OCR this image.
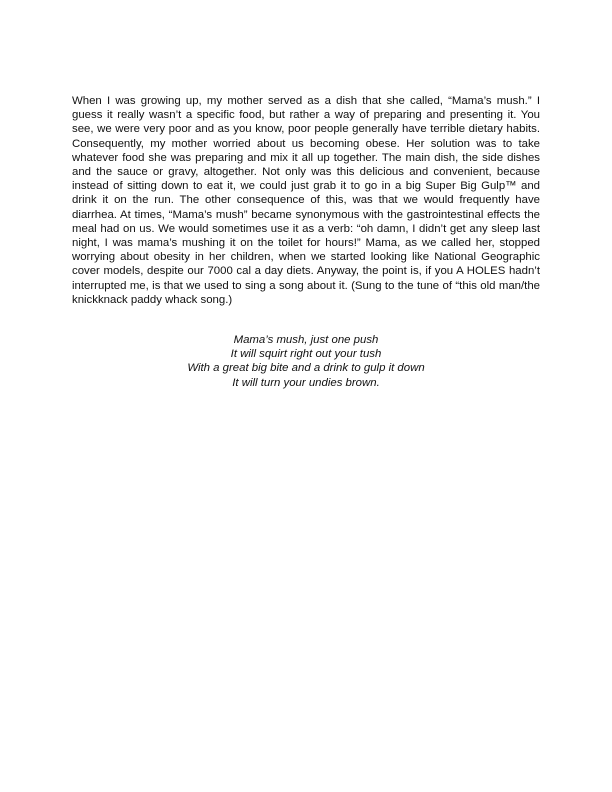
When I was growing up, my mother served as a dish that she called, “Mama’s mush.” I guess it really wasn’t a specific food, but rather a way of preparing and presenting it. You see, we were very poor and as you know, poor people generally have terrible dietary habits. Consequently, my mother worried about us becoming obese. Her solution was to take whatever food she was preparing and mix it all up together. The main dish, the side dishes and the sauce or gravy, altogether. Not only was this delicious and convenient, because instead of sitting down to eat it, we could just grab it to go in a big Super Big Gulp™ and drink it on the run. The other consequence of this, was that we would frequently have diarrhea. At times, “Mama’s mush” became synonymous with the gastrointestinal effects the meal had on us. We would sometimes use it as a verb: “oh damn, I didn’t get any sleep last night, I was mama’s mushing it on the toilet for hours!” Mama, as we called her, stopped worrying about obesity in her children, when we started looking like National Geographic cover models, despite our 7000 cal a day diets. Anyway, the point is, if you A HOLES hadn’t interrupted me, is that we used to sing a song about it. (Sung to the tune of “this old man/the knickknack paddy whack song.)

Mama’s mush, just one push
It will squirt right out your tush
With a great big bite and a drink to gulp it down
It will turn your undies brown.
